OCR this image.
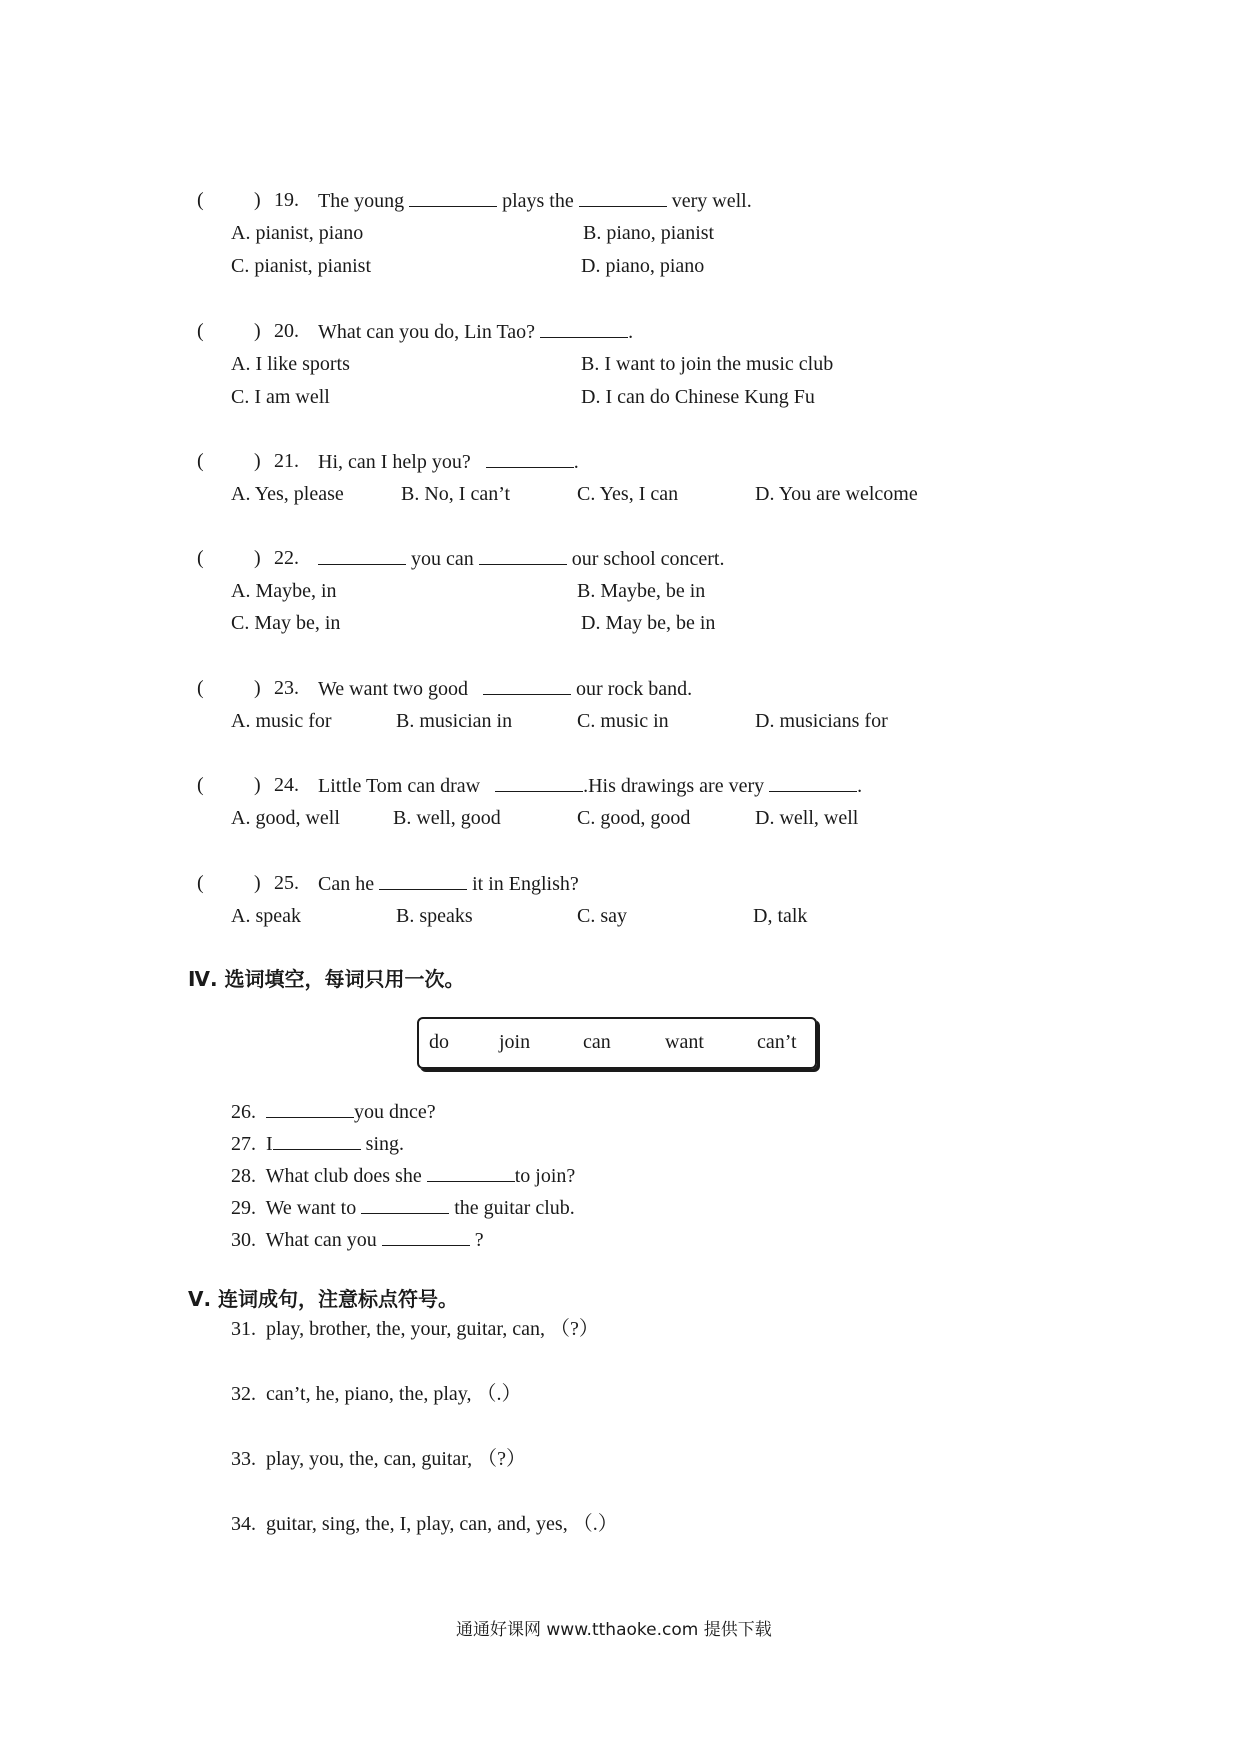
(	) 19. The young	plays the	very well.
A. pianist, piano	B. piano, pianist
C. pianist, pianist	D. piano, piano
(	) 20. What can you do, Lin Tao?	.
A. I like sports	B. I want to join the music club
C. I am well	D. I can do Chinese Kung Fu
(	) 21. Hi, can I help you?	.
A. Yes, please	B. No, I can’t	C. Yes, I can	D. You are welcome
(	) 22.	you can	our school concert.
A. Maybe, in	B. Maybe, be in
C. May be, in	D. May be, be in
(	) 23. We want two good	our rock band.
A. music for	B. musician in	C. music in	D. musicians for
(	) 24. Little Tom can draw	.His drawings are very	.
A. good, well	B. well, good	C. good, good	D. well, well
(	) 25. Can he	it in English?
A. speak	B. speaks	C. say	D, talk
Ⅳ. 选词填空，每词只用一次。
do	join	can	want	can’t
26.	you dnce?
27. I	sing.
28. What club does she	to join?
29. We want to	the guitar club.
30. What can you	?
Ⅴ. 连词成句，注意标点符号。
31. play, brother, the, your, guitar, can, （?）
32. can’t, he, piano, the, play, （.）
33. play, you, the, can, guitar, （?）
34. guitar, sing, the, I, play, can, and, yes, （.）
通通好课网 www.tthaoke.com 提供下载
